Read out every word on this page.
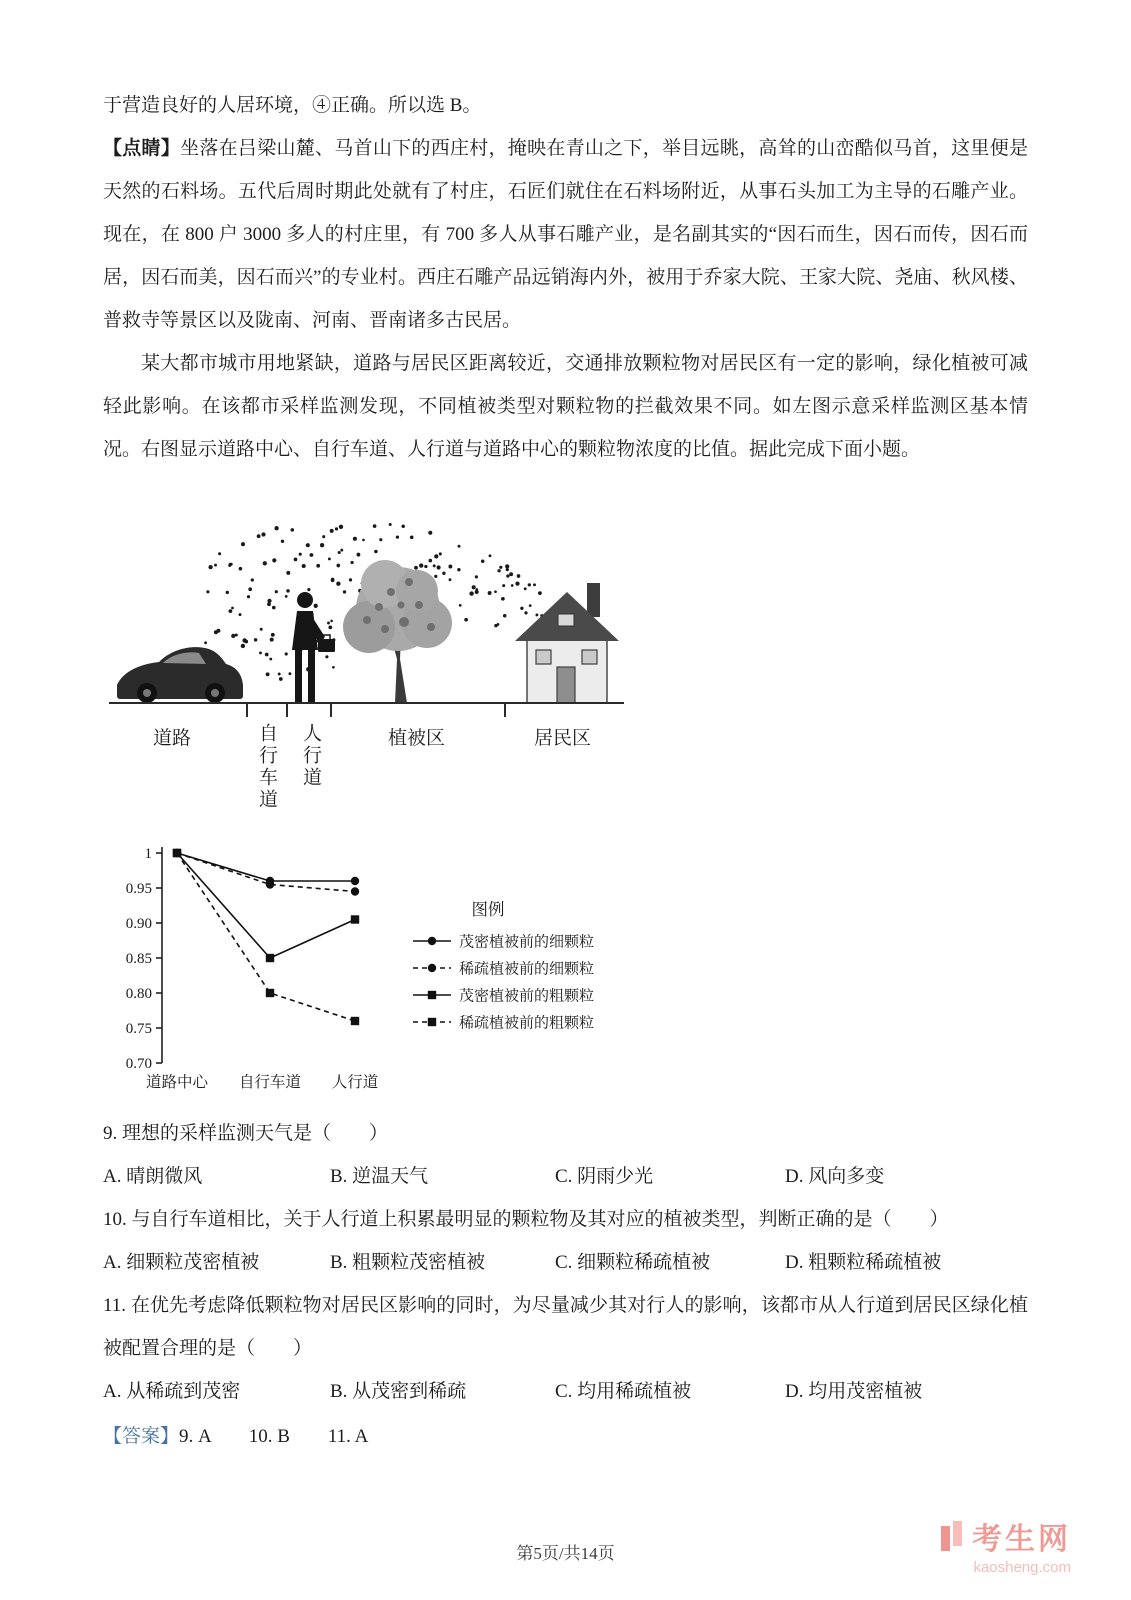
于营造良好的人居环境，④正确。所以选 B。

【点睛】坐落在吕梁山麓、马首山下的西庄村，掩映在青山之下，举目远眺，高耸的山峦酷似马首，这里便是天然的石料场。五代后周时期此处就有了村庄，石匠们就住在石料场附近，从事石头加工为主导的石雕产业。现在，在 800 户 3000 多人的村庄里，有 700 多人从事石雕产业，是名副其实的“因石而生，因石而传，因石而居，因石而美，因石而兴”的专业村。西庄石雕产品远销海内外，被用于乔家大院、王家大院、尧庙、秋风楼、普救寺等景区以及陇南、河南、晋南诸多古民居。

某大都市城市用地紧缺，道路与居民区距离较近，交通排放颗粒物对居民区有一定的影响，绿化植被可减轻此影响。在该都市采样监测发现，不同植被类型对颗粒物的拦截效果不同。如左图示意采样监测区基本情况。右图显示道路中心、自行车道、人行道与道路中心的颗粒物浓度的比值。据此完成下面小题。

道路	自行车道 人行道	植被区	居民区
1
0.95
0.90
0.85
0.80
0.75
0.70
道路中心 自行车道 人行道
图例
茂密植被前的细颗粒
稀疏植被前的细颗粒
茂密植被前的粗颗粒
稀疏植被前的粗颗粒

9. 理想的采样监测天气是（　　）

A. 晴朗微风	B. 逆温天气	C. 阴雨少光	D. 风向多变

10. 与自行车道相比，关于人行道上积累最明显的颗粒物及其对应的植被类型，判断正确的是（　　）

A. 细颗粒茂密植被	B. 粗颗粒茂密植被	C. 细颗粒稀疏植被	D. 粗颗粒稀疏植被

11. 在优先考虑降低颗粒物对居民区影响的同时，为尽量减少其对行人的影响，该都市从人行道到居民区绿化植被配置合理的是（　　）

A. 从稀疏到茂密	B. 从茂密到稀疏	C. 均用稀疏植被	D. 均用茂密植被

【答案】9. A　　10. B　　11. A

第5页/共14页	考生网
kaosheng.com
